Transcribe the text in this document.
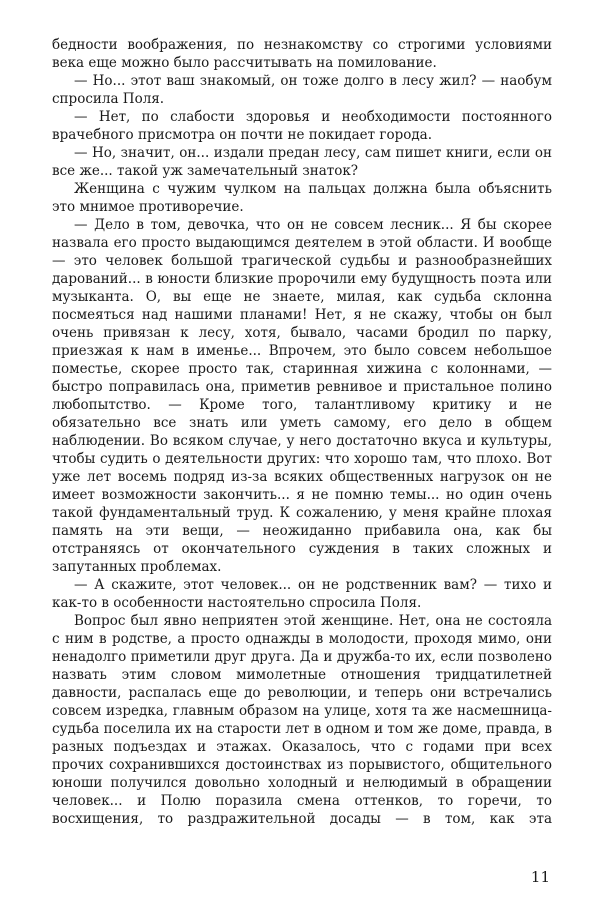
бедности воображения, по незнакомству со строгими условиями века еще можно было рассчитывать на помилование.

— Но... этот ваш знакомый, он тоже долго в лесу жил? — наобум спросила Поля.

— Нет, по слабости здоровья и необходимости постоянного врачебного присмотра он почти не покидает города.

— Но, значит, он... издали предан лесу, сам пишет книги, если он все же... такой уж замечательный знаток?

Женщина с чужим чулком на пальцах должна была объяснить это мнимое противоречие.

— Дело в том, девочка, что он не совсем лесник... Я бы скорее назвала его просто выдающимся деятелем в этой области. И вообще — это человек большой трагической судьбы и разнообразнейших дарований... в юности близкие пророчили ему будущность поэта или музыканта. О, вы еще не знаете, милая, как судьба склонна посмеяться над нашими планами! Нет, я не скажу, чтобы он был очень привязан к лесу, хотя, бывало, часами бродил по парку, приезжая к нам в именье... Впрочем, это было совсем небольшое поместье, скорее просто так, старинная хижина с колоннами, — быстро поправилась она, приметив ревнивое и пристальное полино любопытство. — Кроме того, талантливому критику и не обязательно все знать или уметь самому, его дело в общем наблюдении. Во всяком случае, у него достаточно вкуса и культуры, чтобы судить о деятельности других: что хорошо там, что плохо. Вот уже лет восемь подряд из-за всяких общественных нагрузок он не имеет возможности закончить... я не помню темы... но один очень такой фундаментальный труд. К сожалению, у меня крайне плохая память на эти вещи, — неожиданно прибавила она, как бы отстраняясь от окончательного суждения в таких сложных и запутанных проблемах.

— А скажите, этот человек... он не родственник вам? — тихо и как-то в особенности настоятельно спросила Поля.

Вопрос был явно неприятен этой женщине. Нет, она не состояла с ним в родстве, а просто однажды в молодости, проходя мимо, они ненадолго приметили друг друга. Да и дружба-то их, если позволено назвать этим словом мимолетные отношения тридцатилетней давности, распалась еще до революции, и теперь они встречались совсем изредка, главным образом на улице, хотя та же насмешница-судьба поселила их на старости лет в одном и том же доме, правда, в разных подъездах и этажах. Оказалось, что с годами при всех прочих сохранившихся достоинствах из порывистого, общительного юноши получился довольно холодный и нелюдимый в обращении человек... и Полю поразила смена оттенков, то горечи, то восхищения, то раздражительной досады — в том, как эта

11
